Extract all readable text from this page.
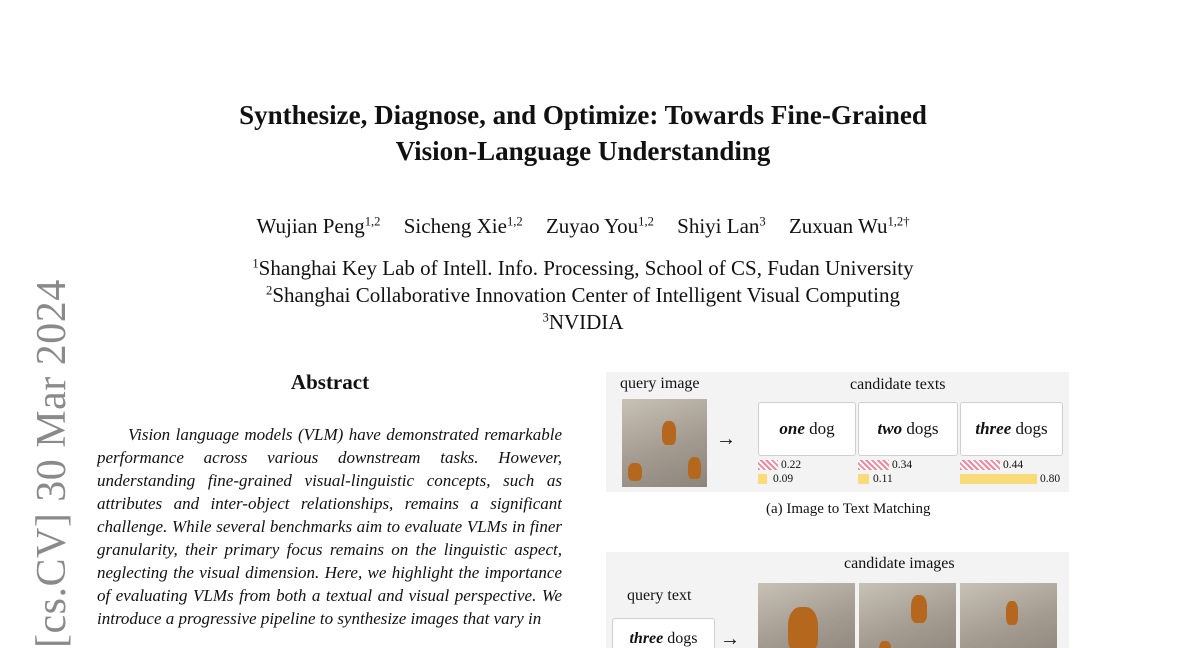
[cs.CV] 30 Mar 2024
Synthesize, Diagnose, and Optimize: Towards Fine-Grained
Vision-Language Understanding
Wujian Peng$^{1,2}$ Sicheng Xie$^{1,2}$ Zuyao You$^{1,2}$ Shiyi Lan$^3$ Zuxuan $Wu^{1,2\dagger}$
$^1$Shanghai Key Lab of Intell. Info. Processing, School of CS, Fudan University
$^2$Shanghai Collaborative Innovation Center of Intelligent Visual Computing
$^3$NVIDIA
Abstract
Vision language models (VLM) have demonstrated remarkable performance across various downstream tasks. However, understanding fine-grained visual-linguistic concepts, such as attributes and inter-object relationships, remains a significant challenge. While several benchmarks aim to evaluate VLMs in finer granularity, their primary focus remains on the linguistic aspect, neglecting the visual dimension. Here, we highlight the importance of evaluating VLMs from both a textual and visual perspective. We introduce a progressive pipeline to synthesize images that vary in
query image	candidate texts
→	one dog
0.22
0.09
two dogs
0.34
0.11
three dogs
0.44
0.80
(a) Image to Text Matching
candidate images
query text
three dogs	→
